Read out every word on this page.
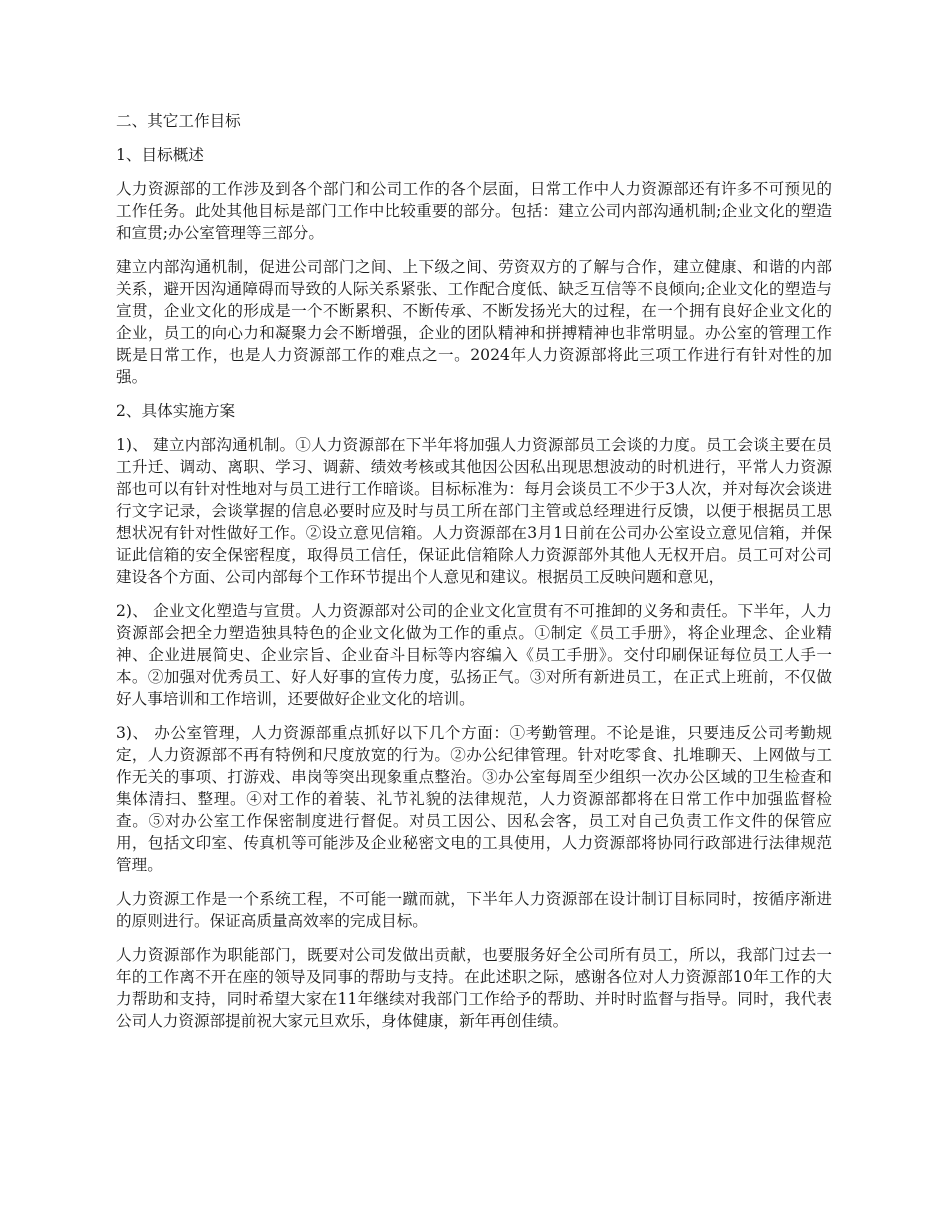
二、其它工作目标

1、目标概述

人力资源部的工作涉及到各个部门和公司工作的各个层面，日常工作中人力资源部还有许多不可预见的工作任务。此处其他目标是部门工作中比较重要的部分。包括：建立公司内部沟通机制;企业文化的塑造和宣贯;办公室管理等三部分。

建立内部沟通机制，促进公司部门之间、上下级之间、劳资双方的了解与合作，建立健康、和谐的内部关系，避开因沟通障碍而导致的人际关系紧张、工作配合度低、缺乏互信等不良倾向;企业文化的塑造与宣贯，企业文化的形成是一个不断累积、不断传承、不断发扬光大的过程，在一个拥有良好企业文化的企业，员工的向心力和凝聚力会不断增强，企业的团队精神和拼搏精神也非常明显。办公室的管理工作既是日常工作，也是人力资源部工作的难点之一。2024年人力资源部将此三项工作进行有针对性的加强。

2、具体实施方案

1)、 建立内部沟通机制。①人力资源部在下半年将加强人力资源部员工会谈的力度。员工会谈主要在员工升迁、调动、离职、学习、调薪、绩效考核或其他因公因私出现思想波动的时机进行，平常人力资源部也可以有针对性地对与员工进行工作暗谈。目标标准为：每月会谈员工不少于3人次，并对每次会谈进行文字记录，会谈掌握的信息必要时应及时与员工所在部门主管或总经理进行反馈，以便于根据员工思想状况有针对性做好工作。②设立意见信箱。人力资源部在3月1日前在公司办公室设立意见信箱，并保证此信箱的安全保密程度，取得员工信任，保证此信箱除人力资源部外其他人无权开启。员工可对公司建设各个方面、公司内部每个工作环节提出个人意见和建议。根据员工反映问题和意见，

2)、 企业文化塑造与宣贯。人力资源部对公司的企业文化宣贯有不可推卸的义务和责任。下半年，人力资源部会把全力塑造独具特色的企业文化做为工作的重点。①制定《员工手册》，将企业理念、企业精神、企业进展简史、企业宗旨、企业奋斗目标等内容编入《员工手册》。交付印刷保证每位员工人手一本。②加强对优秀员工、好人好事的宣传力度，弘扬正气。③对所有新进员工，在正式上班前，不仅做好人事培训和工作培训，还要做好企业文化的培训。

3)、 办公室管理，人力资源部重点抓好以下几个方面：①考勤管理。不论是谁，只要违反公司考勤规定，人力资源部不再有特例和尺度放宽的行为。②办公纪律管理。针对吃零食、扎堆聊天、上网做与工作无关的事项、打游戏、串岗等突出现象重点整治。③办公室每周至少组织一次办公区域的卫生检查和集体清扫、整理。④对工作的着装、礼节礼貌的法律规范，人力资源部都将在日常工作中加强监督检查。⑤对办公室工作保密制度进行督促。对员工因公、因私会客，员工对自己负责工作文件的保管应用，包括文印室、传真机等可能涉及企业秘密文电的工具使用，人力资源部将协同行政部进行法律规范管理。

人力资源工作是一个系统工程，不可能一蹴而就，下半年人力资源部在设计制订目标同时，按循序渐进的原则进行。保证高质量高效率的完成目标。

人力资源部作为职能部门，既要对公司发做出贡献，也要服务好全公司所有员工，所以，我部门过去一年的工作离不开在座的领导及同事的帮助与支持。在此述职之际，感谢各位对人力资源部10年工作的大力帮助和支持，同时希望大家在11年继续对我部门工作给予的帮助、并时时监督与指导。同时，我代表公司人力资源部提前祝大家元旦欢乐，身体健康，新年再创佳绩。
